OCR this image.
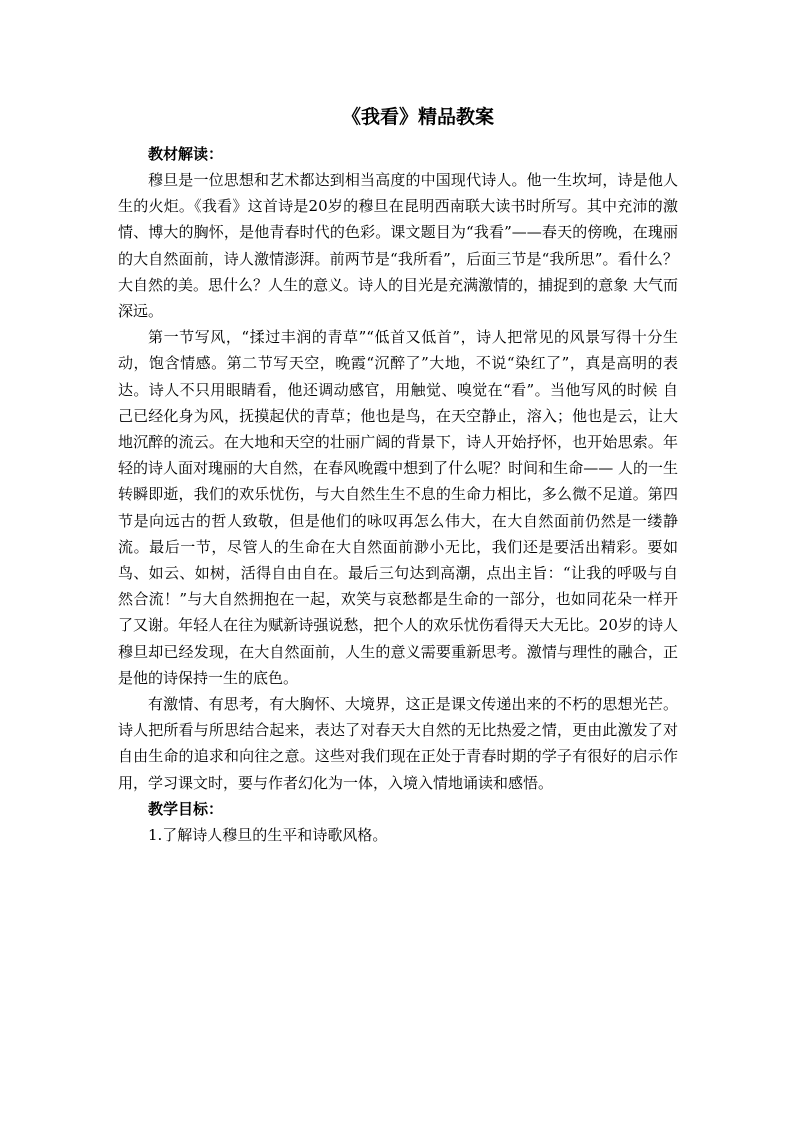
《我看》精品教案

教材解读：

穆旦是一位思想和艺术都达到相当高度的中国现代诗人。他一生坎坷，诗是他人生的火炬。《我看》这首诗是20岁的穆旦在昆明西南联大读书时所写。其中充沛的激情、博大的胸怀，是他青春时代的色彩。课文题目为“我看”——春天的傍晚，在瑰丽的大自然面前，诗人激情澎湃。前两节是“我所看”，后面三节是“我所思”。看什么？大自然的美。思什么？人生的意义。诗人的目光是充满激情的，捕捉到的意象 大气而深远。

第一节写风，“揉过丰润的青草”“低首又低首”，诗人把常见的风景写得十分生动，饱含情感。第二节写天空，晚霞“沉醉了”大地，不说“染红了”，真是高明的表达。诗人不只用眼睛看，他还调动感官，用触觉、嗅觉在“看”。当他写风的时候 自己已经化身为风，抚摸起伏的青草；他也是鸟，在天空静止，溶入；他也是云，让大地沉醉的流云。在大地和天空的壮丽广阔的背景下，诗人开始抒怀，也开始思索。年轻的诗人面对瑰丽的大自然，在春风晚霞中想到了什么呢？时间和生命—— 人的一生转瞬即逝，我们的欢乐忧伤，与大自然生生不息的生命力相比，多么微不足道。第四节是向远古的哲人致敬，但是他们的咏叹再怎么伟大，在大自然面前仍然是一缕静流。最后一节，尽管人的生命在大自然面前渺小无比，我们还是要活出精彩。要如鸟、如云、如树，活得自由自在。最后三句达到高潮，点出主旨：“让我的呼吸与自然合流！”与大自然拥抱在一起，欢笑与哀愁都是生命的一部分，也如同花朵一样开了又谢。年轻人在往为赋新诗强说愁，把个人的欢乐忧伤看得天大无比。20岁的诗人穆旦却已经发现，在大自然面前，人生的意义需要重新思考。激情与理性的融合，正是他的诗保持一生的底色。

有激情、有思考，有大胸怀、大境界，这正是课文传递出来的不朽的思想光芒。诗人把所看与所思结合起来，表达了对春天大自然的无比热爱之情，更由此激发了对自由生命的追求和向往之意。这些对我们现在正处于青春时期的学子有很好的启示作用，学习课文时，要与作者幻化为一体，入境入情地诵读和感悟。

教学目标：

1.了解诗人穆旦的生平和诗歌风格。
